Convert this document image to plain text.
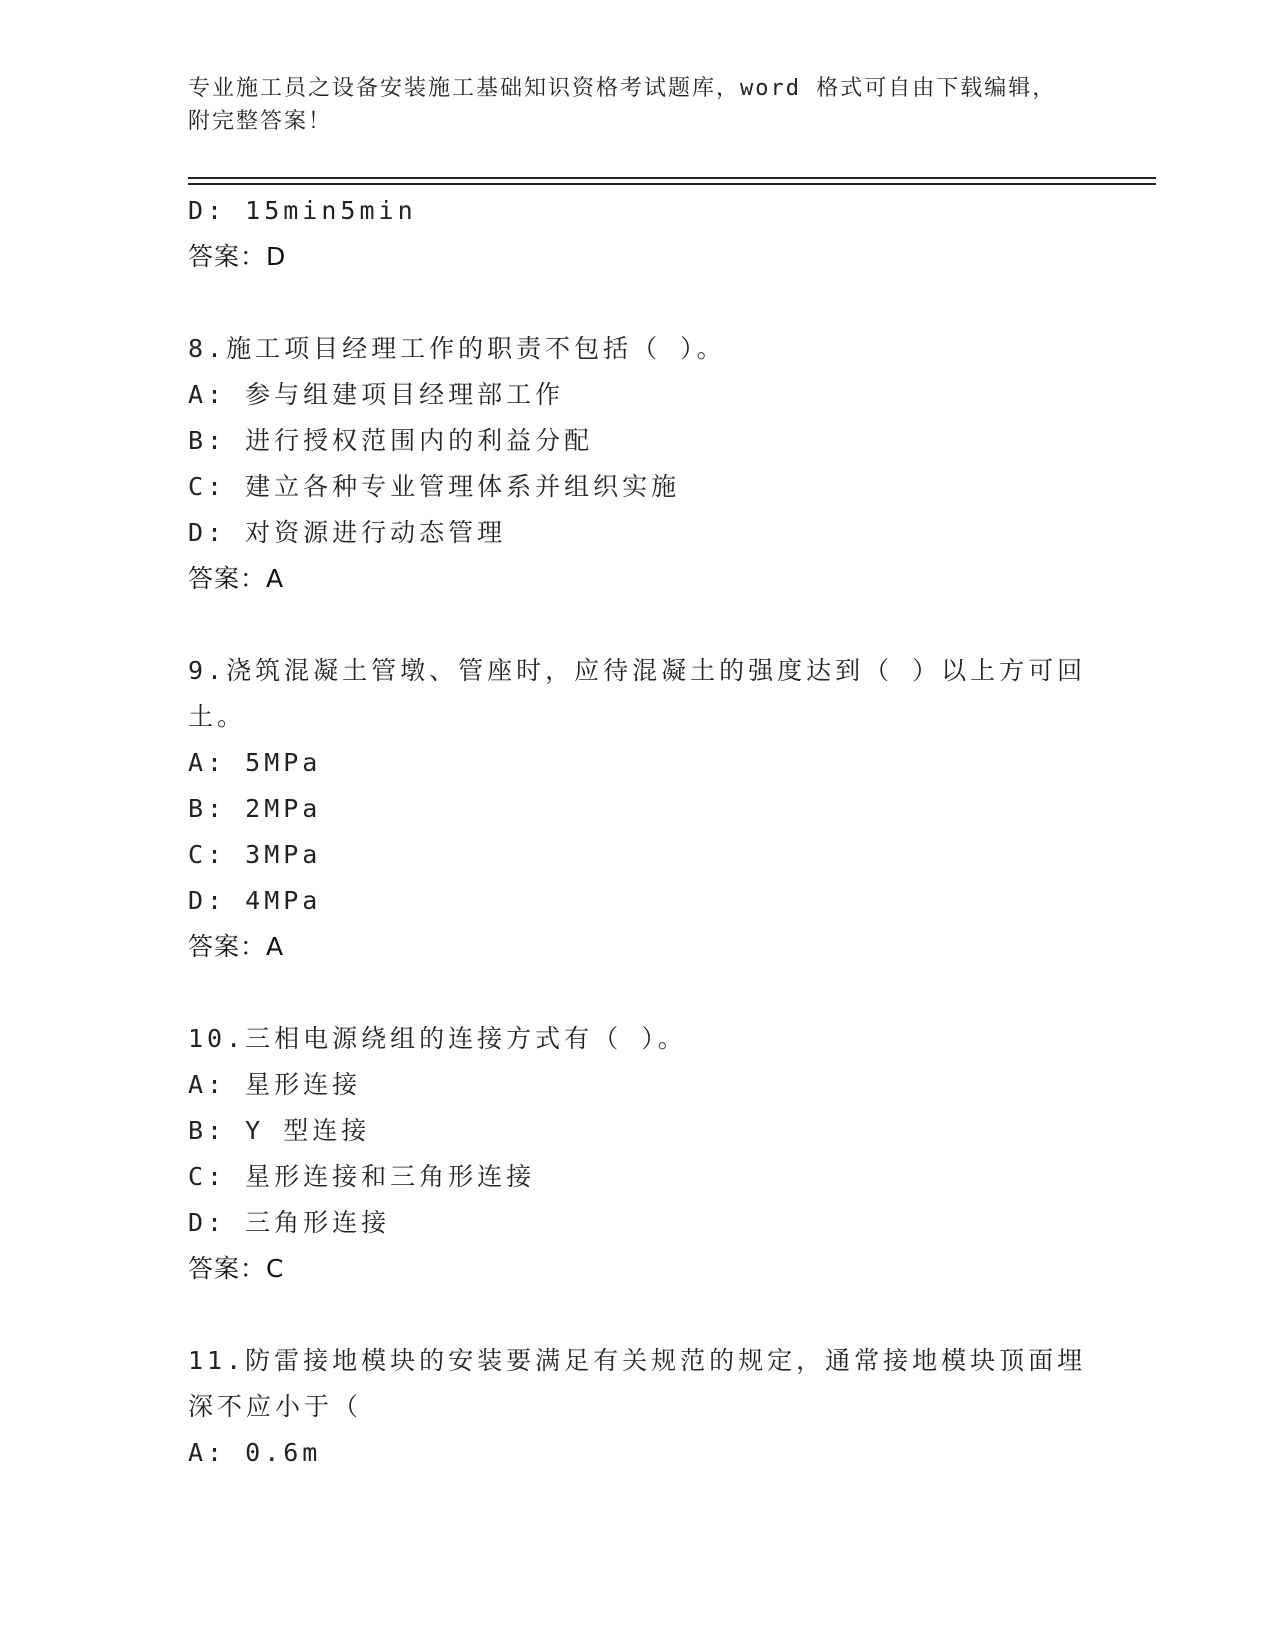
专业施工员之设备安装施工基础知识资格考试题库，word 格式可自由下载编辑，
附完整答案！
D: 15min5min
答案：D
8.施工项目经理工作的职责不包括（ ）。
A: 参与组建项目经理部工作
B: 进行授权范围内的利益分配
C: 建立各种专业管理体系并组织实施
D: 对资源进行动态管理
答案：A
9.浇筑混凝土管墩、管座时，应待混凝土的强度达到（ ）以上方可回
土。
A: 5MPa
B: 2MPa
C: 3MPa
D: 4MPa
答案：A
10.三相电源绕组的连接方式有（ ）。
A: 星形连接
B: Y 型连接
C: 星形连接和三角形连接
D: 三角形连接
答案：C
11.防雷接地模块的安装要满足有关规范的规定，通常接地模块顶面埋
深不应小于（
A: 0.6m
